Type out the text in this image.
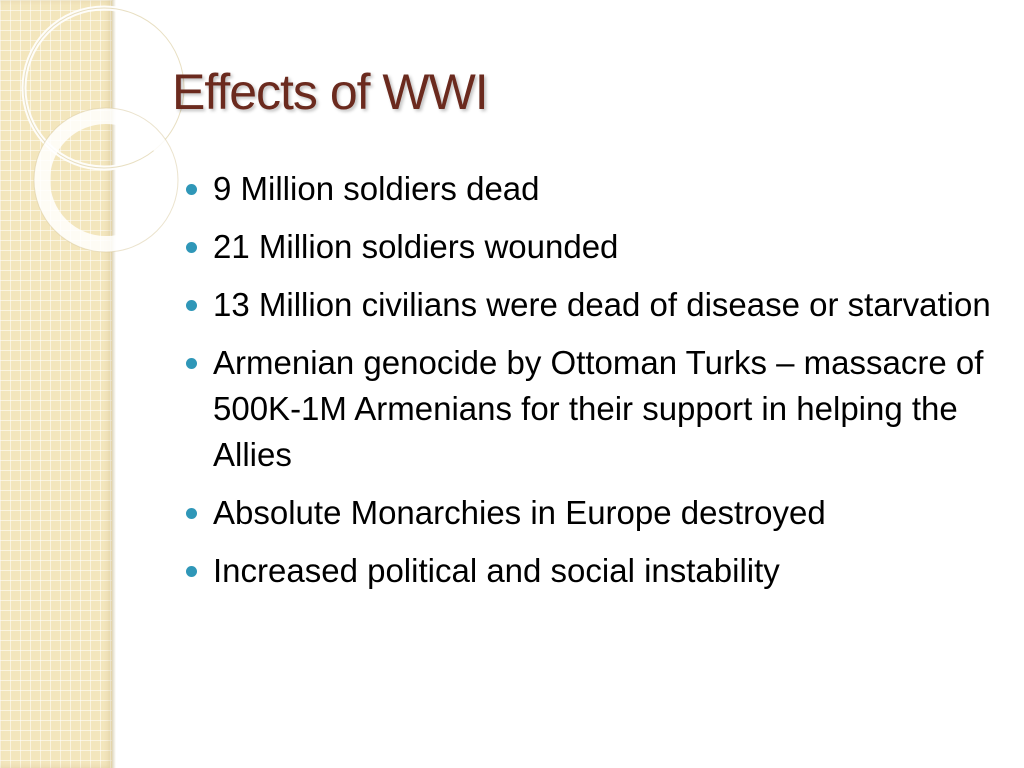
Effects of WWI
9 Million soldiers dead
21 Million soldiers wounded
13 Million civilians were dead of disease or starvation
Armenian genocide by Ottoman Turks – massacre of 500K-1M Armenians for their support in helping the Allies
Absolute Monarchies in Europe destroyed
Increased political and social instability
